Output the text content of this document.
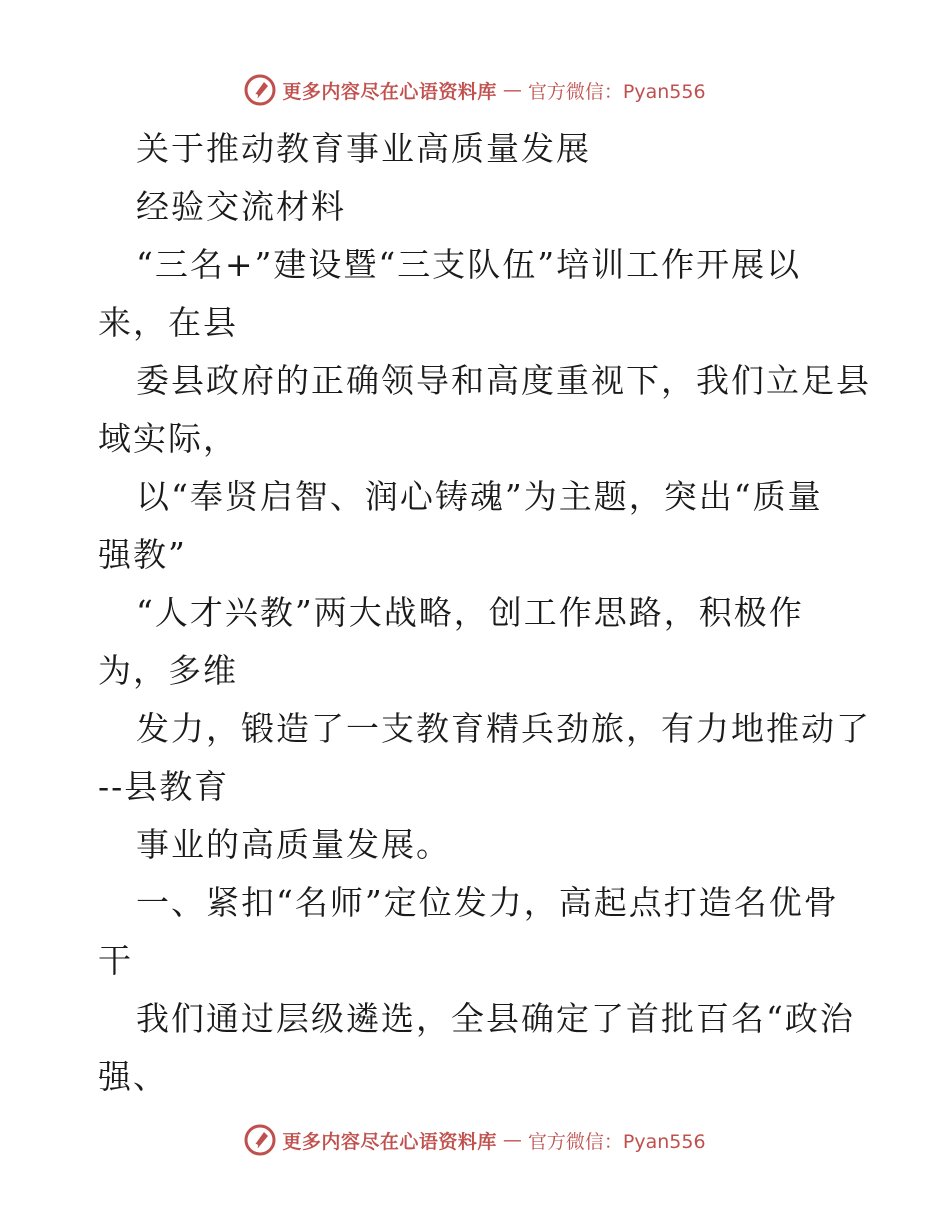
更多内容尽在心语资料库 — 官方微信：Pyan556
关于推动教育事业高质量发展
经验交流材料
“三名+”建设暨“三支队伍”培训工作开展以
来，在县
委县政府的正确领导和高度重视下，我们立足县
域实际，
以“奉贤启智、润心铸魂”为主题，突出“质量
强教”
“人才兴教”两大战略，创工作思路，积极作
为，多维
发力，锻造了一支教育精兵劲旅，有力地推动了
--县教育
事业的高质量发展。
一、紧扣“名师”定位发力，高起点打造名优骨
干
我们通过层级遴选，全县确定了首批百名“政治
强、
更多内容尽在心语资料库 — 官方微信：Pyan556
